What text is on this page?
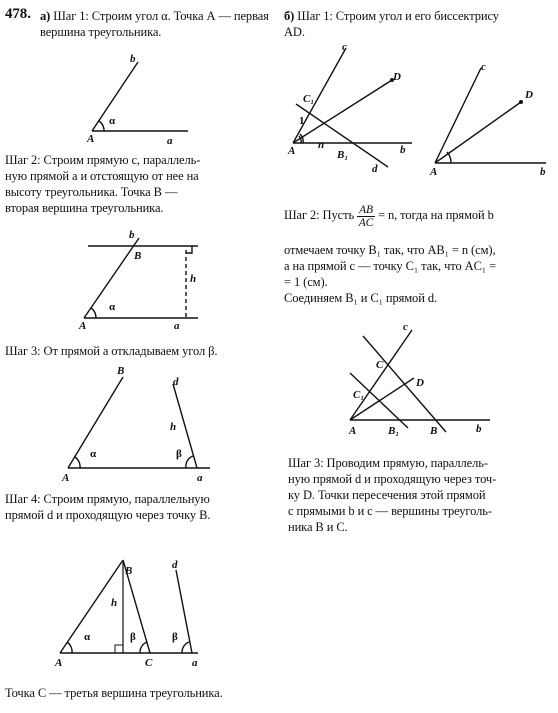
478. а) Шаг 1: Строим угол α. Точка А — первая вершина треугольника.
Шаг 2: Строим прямую c, параллель-
ную прямой a и отстоящую от нее на
высоту треугольника. Точка B —
вторая вершина треугольника.
Шаг 3: От прямой a откладываем угол β.
Шаг 4: Строим прямую, параллельную
прямой d и проходящую через точку B.
Точка C — третья вершина треугольника.
б) Шаг 1: Строим угол и его биссектрису
AD.
Шаг 2: Пусть $\frac{AB}{AC} = n$, тогда на прямой b
отмечаем точку B₁ так, что AB₁ = n (см),
а на прямой c — точку C₁ так, что AC₁ =
= 1 (см).
Соединяем B₁ и C₁ прямой d.
Шаг 3: Проводим прямую, параллель-
ную прямой d и проходящую через точ-
ку D. Точки пересечения этой прямой
с прямыми b и c — вершины треуголь-
ника B и C.
A	a
b
α
b
B
h
A	a
α
B
d
h
α	β
A	a
B	d
h
α	β	β
A	C	a
c
D
C₁
1
A n
B₁	b
d
c
D
A	b
c
C
D
C₁
A	B₁	B	b
